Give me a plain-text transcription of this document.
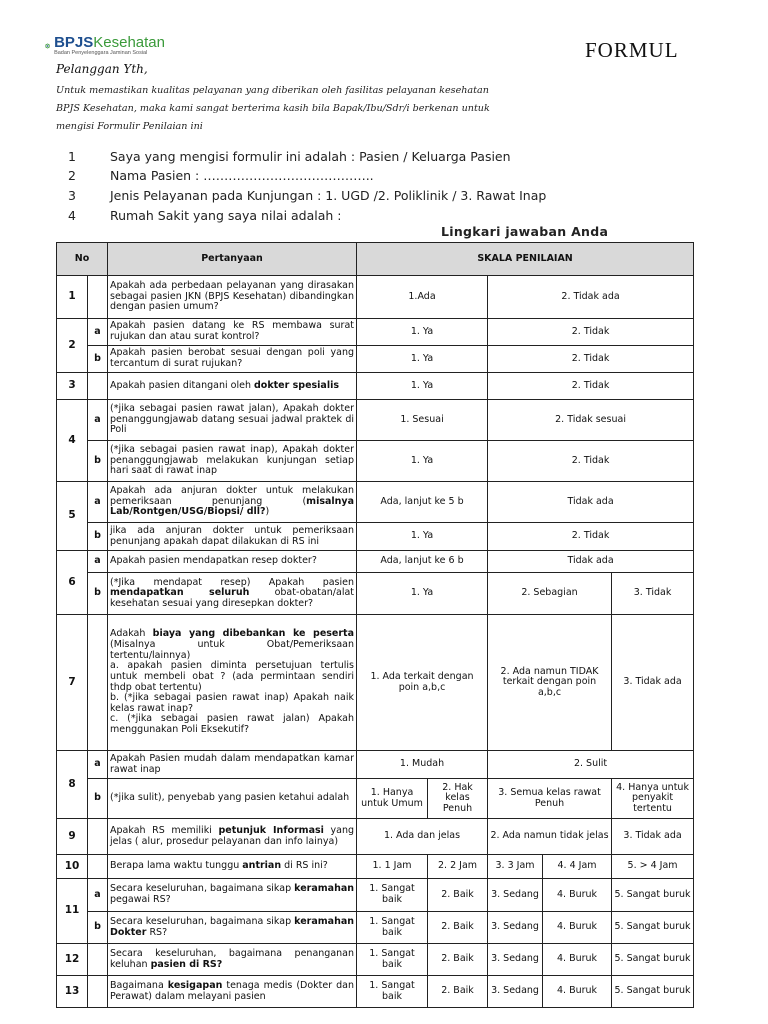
BPJSKesehatan
Badan Penyelenggara Jaminan Sosial	FORMUL
Pelanggan Yth,
Untuk memastikan kualitas pelayanan yang diberikan oleh fasilitas pelayanan kesehatan
BPJS Kesehatan, maka kami sangat berterima kasih bila Bapak/Ibu/Sdr/i berkenan untuk
mengisi Formulir Penilaian ini
1	Saya yang mengisi formulir ini adalah : Pasien / Keluarga Pasien
2	Nama Pasien : …………………………………..
3	Jenis Pelayanan pada Kunjungan : 1. UGD /2. Poliklinik / 3. Rawat Inap
4	Rumah Sakit yang saya nilai adalah :
Lingkari jawaban Anda
No		Pertanyaan	SKALA PENILAIAN				
1		Apakah ada perbedaan pelayanan yang dirasakan sebagai pasien JKN (BPJS Kesehatan) dibandingkan dengan pasien umum?	1.Ada		2. Tidak ada		
2	a	Apakah pasien datang ke RS membawa surat rujukan dan atau surat kontrol?	1. Ya		2. Tidak		
	b	Apakah pasien berobat sesuai dengan poli yang tercantum di surat rujukan?	1. Ya		2. Tidak		
3		Apakah pasien ditangani oleh dokter spesialis	1. Ya		2. Tidak		
4	a	(*jika sebagai pasien rawat jalan), Apakah dokter penanggungjawab datang sesuai jadwal praktek di Poli	1. Sesuai		2. Tidak sesuai		
	b	(*jika sebagai pasien rawat inap), Apakah dokter penanggungjawab melakukan kunjungan setiap hari saat di rawat inap	1. Ya		2. Tidak		
5	a	Apakah ada anjuran dokter untuk melakukan pemeriksaan penunjang (misalnya Lab/Rontgen/USG/Biopsi/ dll?)	Ada, lanjut ke 5 b		Tidak ada		
	b	jika ada anjuran dokter untuk pemeriksaan penunjang apakah dapat dilakukan di RS ini	1. Ya		2. Tidak		
6	a	Apakah pasien mendapatkan resep dokter?	Ada, lanjut ke 6 b		Tidak ada		
	b	(*Jika mendapat resep) Apakah pasien mendapatkan seluruh obat-obatan/alat kesehatan sesuai yang diresepkan dokter?	1. Ya		2. Sebagian		3. Tidak
7		Adakah biaya yang dibebankan ke peserta (Misalnya untuk Obat/Pemeriksaan tertentu/lainnya)
a. apakah pasien diminta persetujuan tertulis untuk membeli obat ? (ada permintaan sendiri thdp obat tertentu)
b. (*jika sebagai pasien rawat inap) Apakah naik kelas rawat inap?
c. (*jika sebagai pasien rawat jalan) Apakah menggunakan Poli Eksekutif?	1. Ada terkait dengan poin a,b,c		2. Ada namun TIDAK terkait dengan poin a,b,c		3. Tidak ada
8	a	Apakah Pasien mudah dalam mendapatkan kamar rawat inap	1. Mudah		2. Sulit		
	b	(*jika sulit), penyebab yang pasien ketahui adalah	1. Hanya untuk Umum	2. Hak kelas Penuh	3. Semua kelas rawat Penuh		4. Hanya untuk penyakit tertentu
9		Apakah RS memiliki petunjuk Informasi yang jelas ( alur, prosedur pelayanan dan info lainya)	1. Ada dan jelas		2. Ada namun tidak jelas		3. Tidak ada
10		Berapa lama waktu tunggu antrian di RS ini?	1. 1 Jam	2. 2 Jam	3. 3 Jam	4. 4 Jam	5. > 4 Jam
11	a	Secara keseluruhan, bagaimana sikap keramahan pegawai RS?	1. Sangat baik	2. Baik	3. Sedang	4. Buruk	5. Sangat buruk
	b	Secara keseluruhan, bagaimana sikap keramahan Dokter RS?	1. Sangat baik	2. Baik	3. Sedang	4. Buruk	5. Sangat buruk
12		Secara keseluruhan, bagaimana penanganan keluhan pasien di RS?	1. Sangat baik	2. Baik	3. Sedang	4. Buruk	5. Sangat buruk
13		Bagaimana kesigapan tenaga medis (Dokter dan Perawat) dalam melayani pasien	1. Sangat baik	2. Baik	3. Sedang	4. Buruk	5. Sangat buruk
